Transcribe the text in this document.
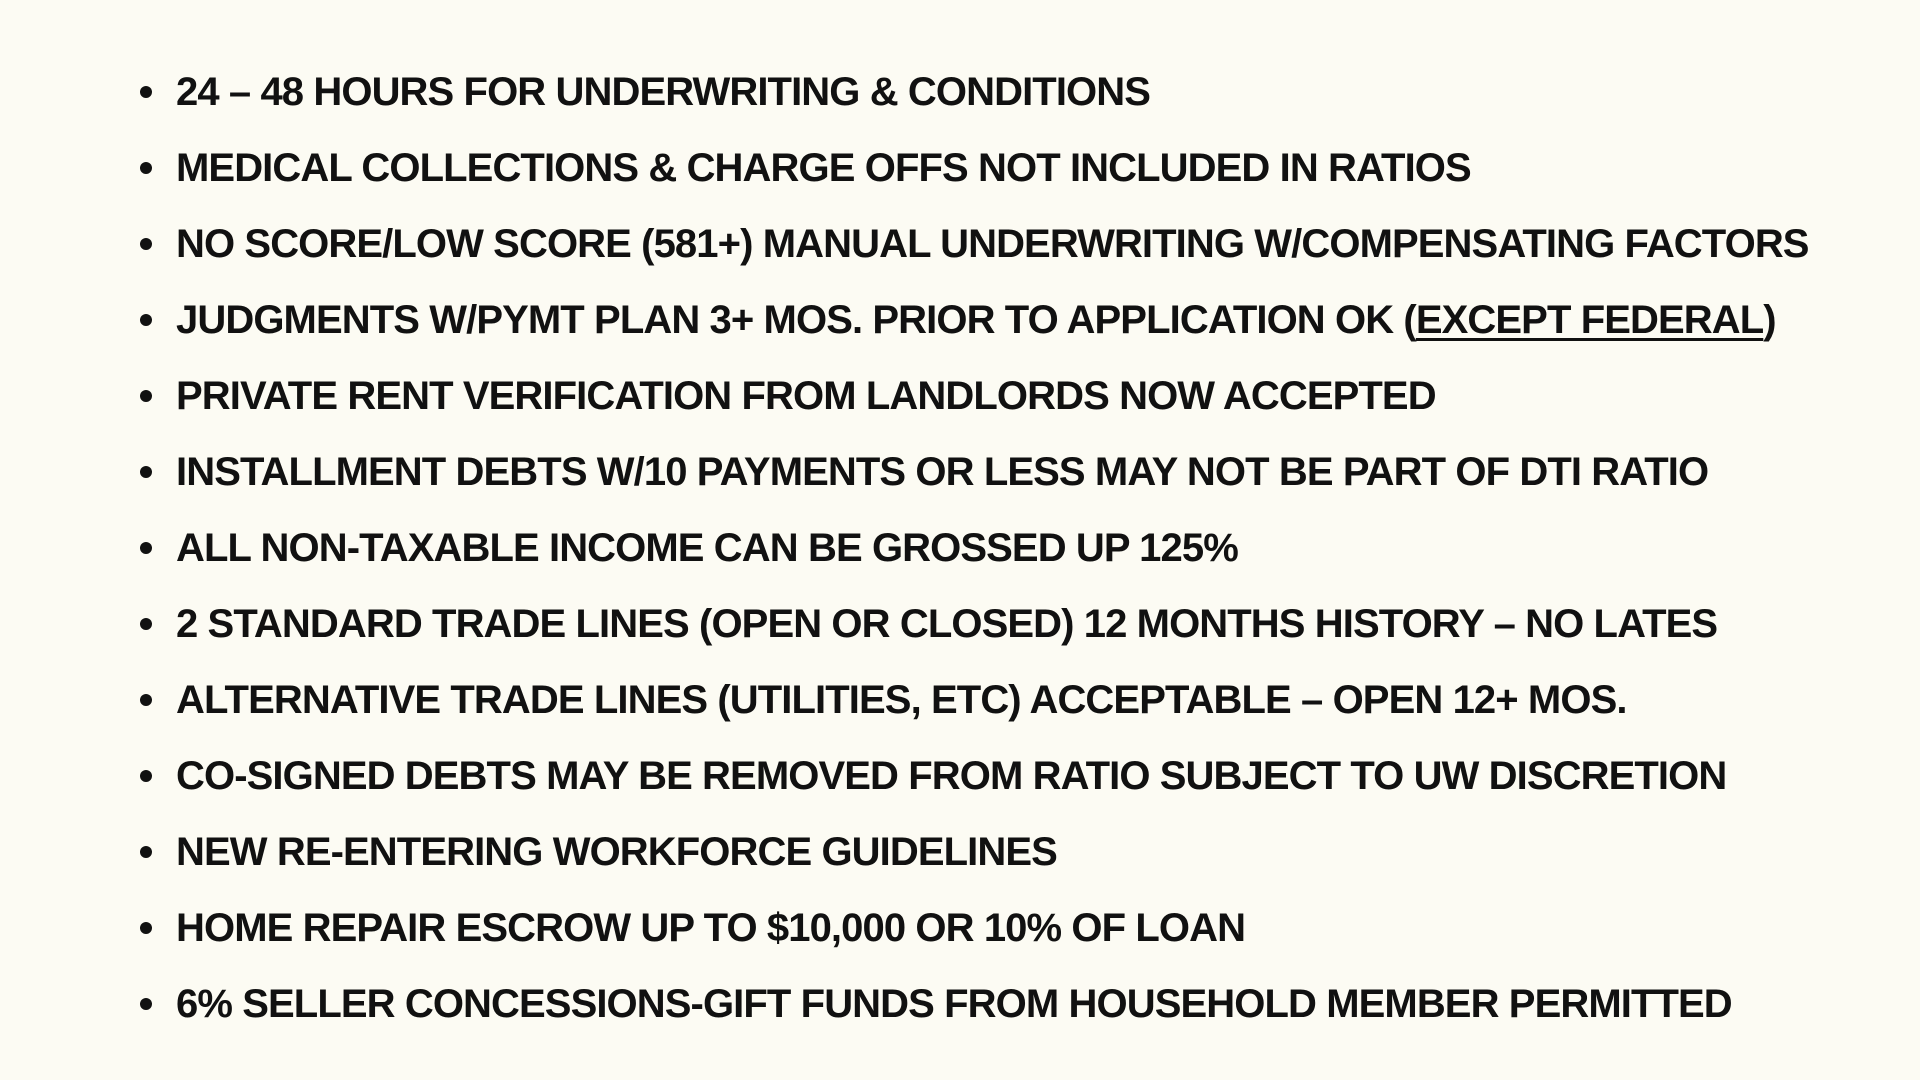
24 – 48 HOURS FOR UNDERWRITING & CONDITIONS
MEDICAL COLLECTIONS & CHARGE OFFS NOT INCLUDED IN RATIOS
NO SCORE/LOW SCORE (581+) MANUAL UNDERWRITING W/COMPENSATING FACTORS
JUDGMENTS W/PYMT PLAN 3+ MOS. PRIOR TO APPLICATION OK (EXCEPT FEDERAL)
PRIVATE RENT VERIFICATION FROM LANDLORDS NOW ACCEPTED
INSTALLMENT DEBTS W/10 PAYMENTS OR LESS MAY NOT BE PART OF DTI RATIO
ALL NON-TAXABLE INCOME CAN BE GROSSED UP 125%
2 STANDARD TRADE LINES (OPEN OR CLOSED) 12 MONTHS HISTORY – NO LATES
ALTERNATIVE TRADE LINES (UTILITIES, ETC) ACCEPTABLE – OPEN 12+ MOS.
CO-SIGNED DEBTS MAY BE REMOVED FROM RATIO SUBJECT TO UW DISCRETION
NEW RE-ENTERING WORKFORCE GUIDELINES
HOME REPAIR ESCROW UP TO $10,000 OR 10% OF LOAN
6% SELLER CONCESSIONS-GIFT FUNDS FROM HOUSEHOLD MEMBER PERMITTED
